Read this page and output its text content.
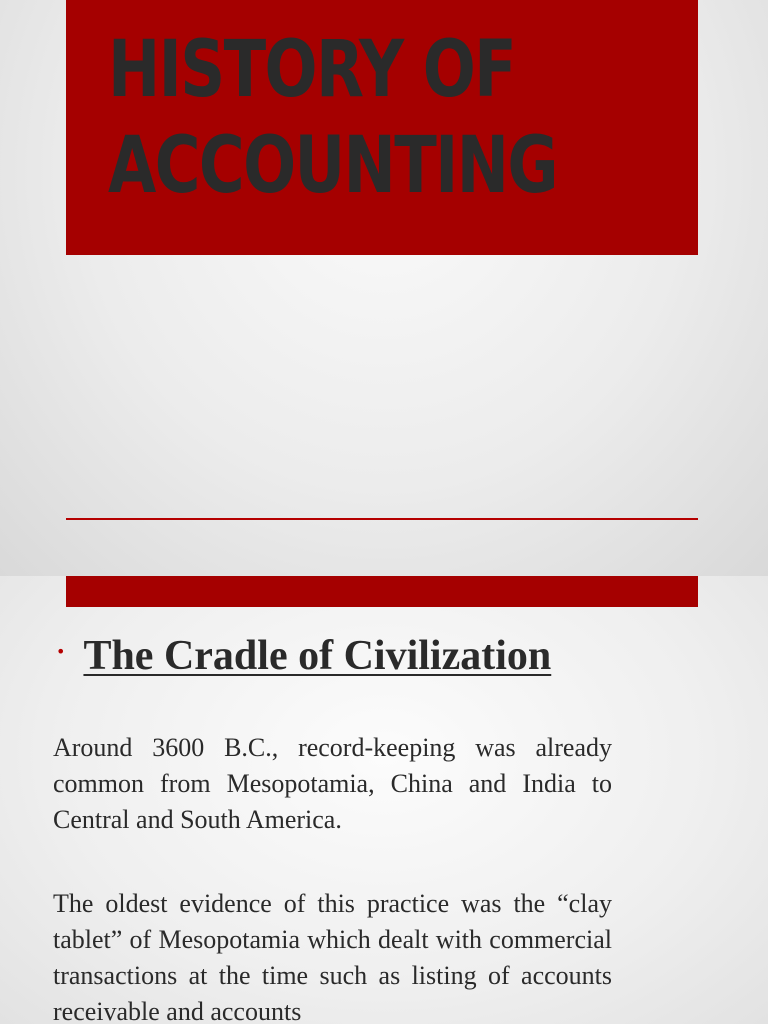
HISTORY OF
ACCOUNTING
• The Cradle of Civilization

Around 3600 B.C., record-keeping was already common from Mesopotamia, China and India to Central and South America.

The oldest evidence of this practice was the “clay tablet” of Mesopotamia which dealt with commercial transactions at the time such as listing of accounts receivable and accounts
